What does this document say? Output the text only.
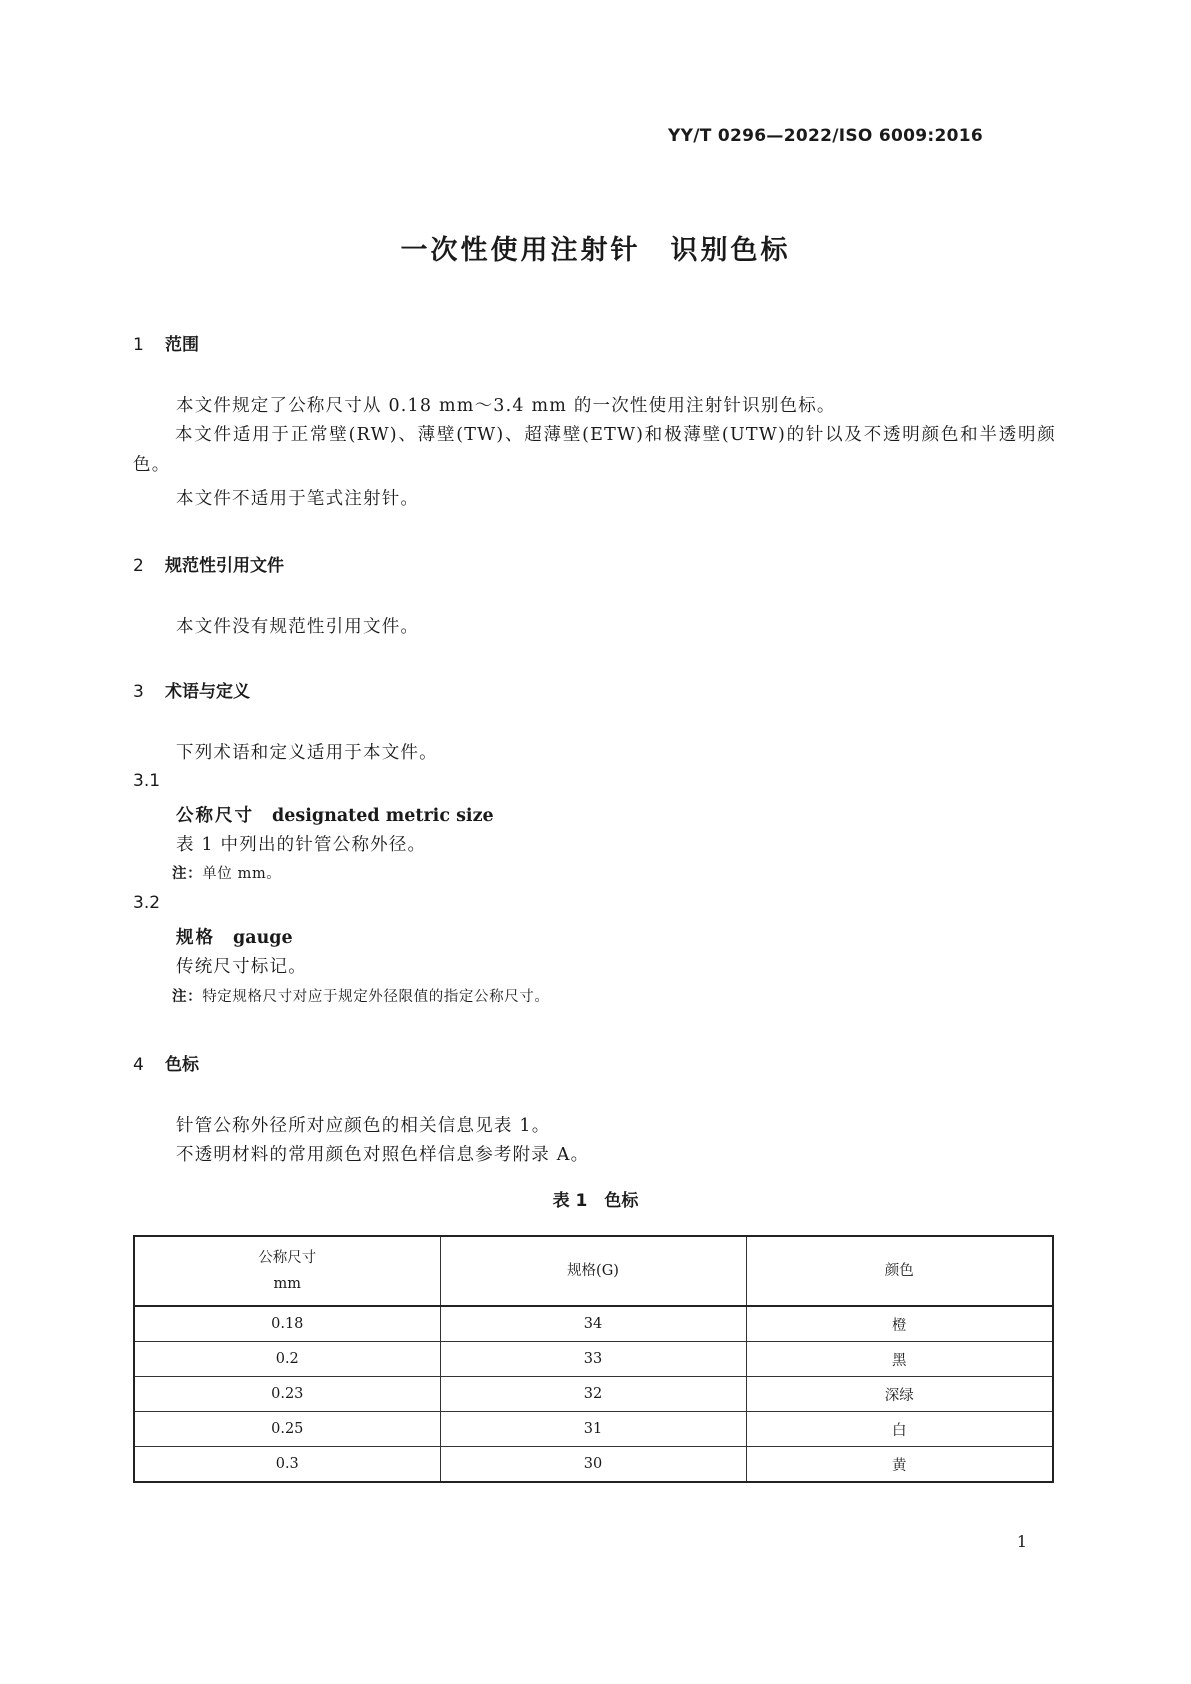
YY/T 0296—2022/ISO 6009:2016
一次性使用注射针　识别色标
1 范围
本文件规定了公称尺寸从 0.18 mm～3.4 mm 的一次性使用注射针识别色标。
本文件适用于正常壁(RW)、薄壁(TW)、超薄壁(ETW)和极薄壁(UTW)的针以及不透明颜色和半透明颜色。
本文件不适用于笔式注射针。
2 规范性引用文件
本文件没有规范性引用文件。
3 术语与定义
下列术语和定义适用于本文件。
3.1
公称尺寸 designated metric size
表 1 中列出的针管公称外径。
注：单位 mm。
3.2
规格 gauge
传统尺寸标记。
注：特定规格尺寸对应于规定外径限值的指定公称尺寸。
4 色标
针管公称外径所对应颜色的相关信息见表 1。
不透明材料的常用颜色对照色样信息参考附录 A。
表 1　色标
公称尺寸
mm	规格(G)	颜色
0.18	34	橙
0.2	33	黑
0.23	32	深绿
0.25	31	白
0.3	30	黄
1
